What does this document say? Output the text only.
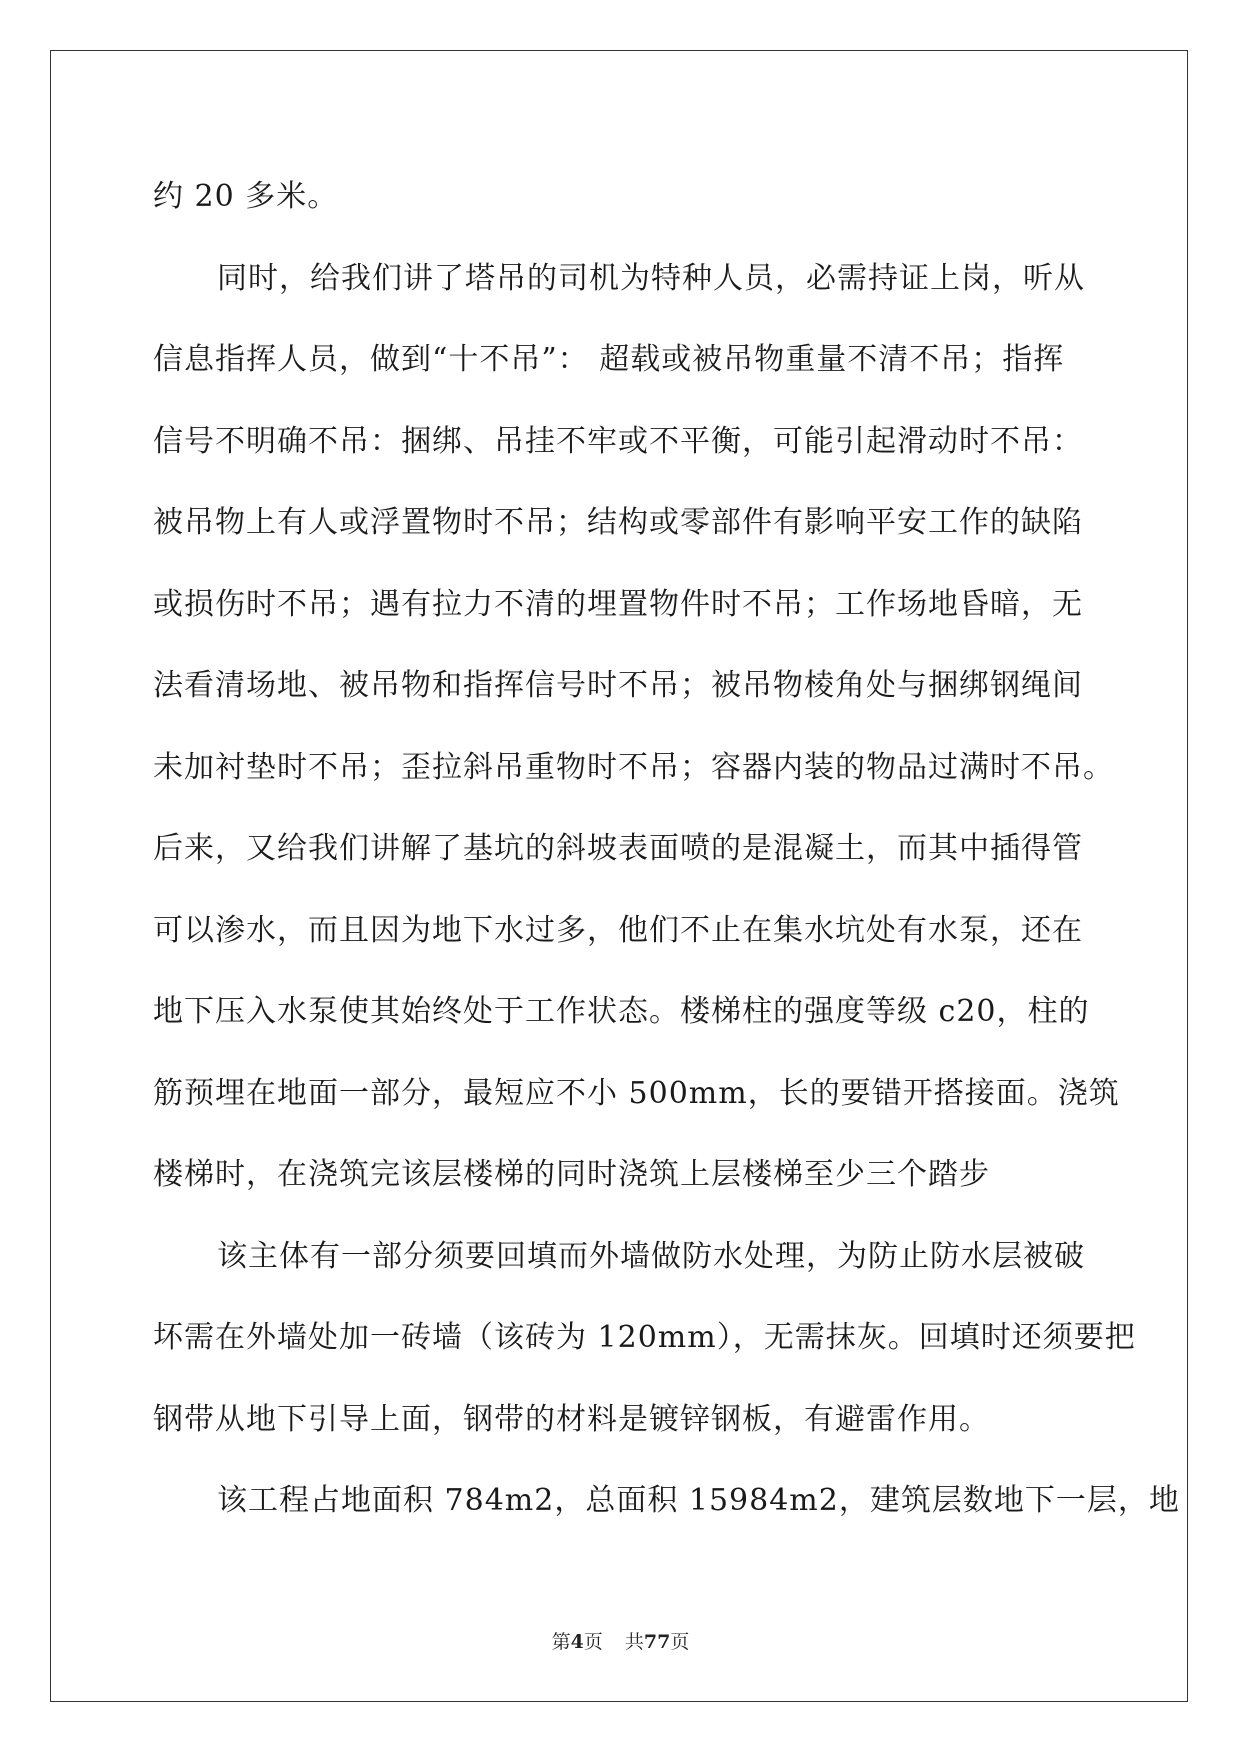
约 20 多米。
同时，给我们讲了塔吊的司机为特种人员，必需持证上岗，听从
信息指挥人员，做到“十不吊”： 超载或被吊物重量不清不吊；指挥
信号不明确不吊：捆绑、吊挂不牢或不平衡，可能引起滑动时不吊：
被吊物上有人或浮置物时不吊；结构或零部件有影响平安工作的缺陷
或损伤时不吊；遇有拉力不清的埋置物件时不吊；工作场地昏暗，无
法看清场地、被吊物和指挥信号时不吊；被吊物棱角处与捆绑钢绳间
未加衬垫时不吊；歪拉斜吊重物时不吊；容器内装的物品过满时不吊。
后来，又给我们讲解了基坑的斜坡表面喷的是混凝土，而其中插得管
可以渗水，而且因为地下水过多，他们不止在集水坑处有水泵，还在
地下压入水泵使其始终处于工作状态。楼梯柱的强度等级 c20，柱的
筋预埋在地面一部分，最短应不小 500mm，长的要错开搭接面。浇筑
楼梯时，在浇筑完该层楼梯的同时浇筑上层楼梯至少三个踏步
该主体有一部分须要回填而外墙做防水处理，为防止防水层被破
坏需在外墙处加一砖墙（该砖为 120mm），无需抹灰。回填时还须要把
钢带从地下引导上面，钢带的材料是镀锌钢板，有避雷作用。
该工程占地面积 784m2，总面积 15984m2，建筑层数地下一层，地
第4页 共77页
